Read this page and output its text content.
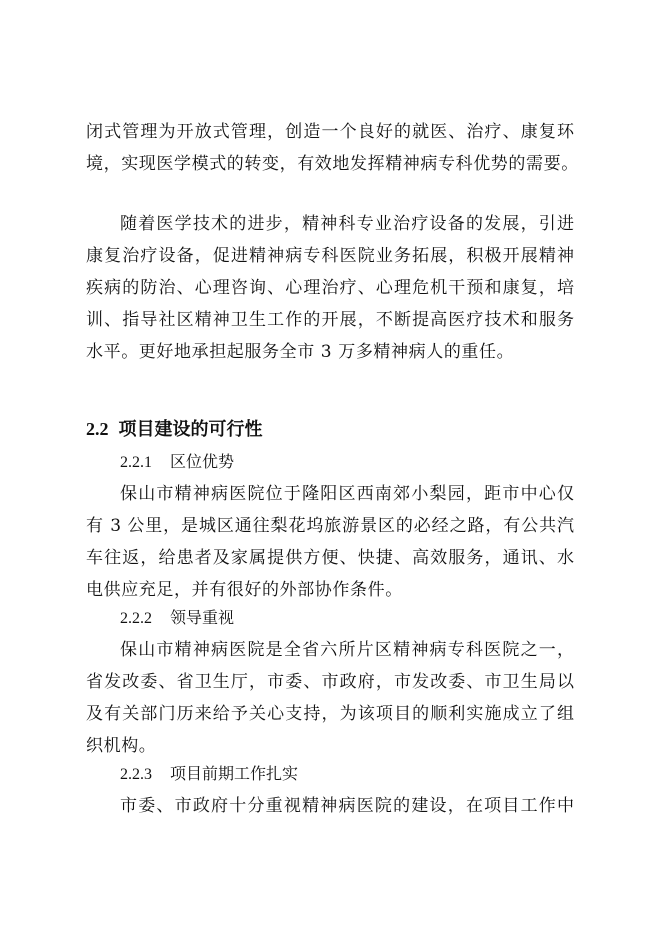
闭式管理为开放式管理，创造一个良好的就医、治疗、康复环
境，实现医学模式的转变，有效地发挥精神病专科优势的需要。
随着医学技术的进步，精神科专业治疗设备的发展，引进
康复治疗设备，促进精神病专科医院业务拓展，积极开展精神
疾病的防治、心理咨询、心理治疗、心理危机干预和康复，培
训、指导社区精神卫生工作的开展，不断提高医疗技术和服务
水平。更好地承担起服务全市 3 万多精神病人的重任。
2.2 项目建设的可行性
2.2.1 区位优势
保山市精神病医院位于隆阳区西南郊小梨园，距市中心仅
有 3 公里，是城区通往梨花坞旅游景区的必经之路，有公共汽
车往返，给患者及家属提供方便、快捷、高效服务，通讯、水
电供应充足，并有很好的外部协作条件。
2.2.2 领导重视
保山市精神病医院是全省六所片区精神病专科医院之一，
省发改委、省卫生厅，市委、市政府，市发改委、市卫生局以
及有关部门历来给予关心支持，为该项目的顺利实施成立了组
织机构。
2.2.3 项目前期工作扎实
市委、市政府十分重视精神病医院的建设，在项目工作中
